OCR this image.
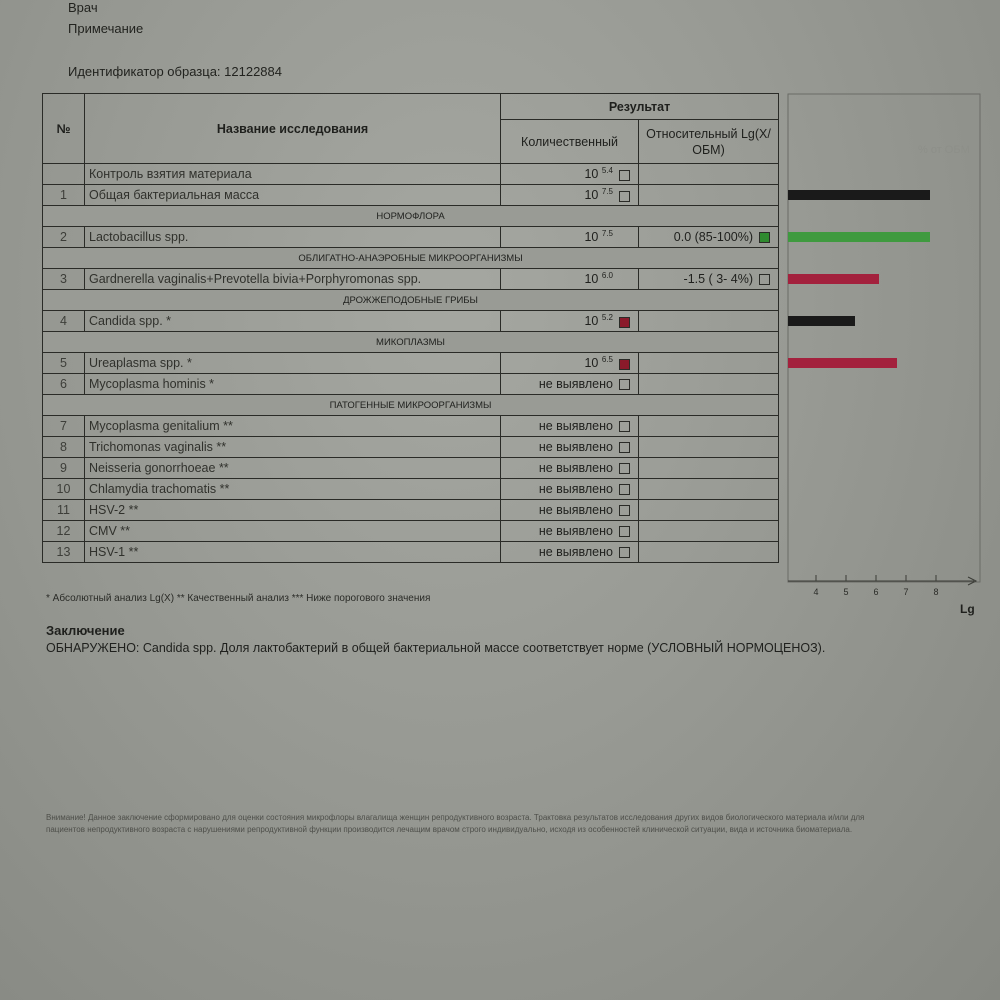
Врач
Примечание
Идентификатор образца: 12122884
№	Название исследования	Результат	
		Количественный	Относительный Lg(X/ОБМ)
	Контроль взятия материала	10 $^{5.4}$	
1	Общая бактериальная масса	10 $^{7.5}$	
НОРМОФЛОРА			
2	Lactobacillus spp.	10 $^{7.5}$	0.0 (85-100%)
ОБЛИГАТНО-АНАЭРОБНЫЕ МИКРООРГАНИЗМЫ			
3	Gardnerella vaginalis+Prevotella bivia+Porphyromonas spp.	10 $^{6.0}$	-1.5 ( 3- 4%)
ДРОЖЖЕПОДОБНЫЕ ГРИБЫ			
4	Candida spp. *	10 $^{5.2}$	
МИКОПЛАЗМЫ			
5	Ureaplasma spp. *	10 $^{6.5}$	
6	Mycoplasma hominis *	не выявлено	
ПАТОГЕННЫЕ МИКРООРГАНИЗМЫ			
7	Mycoplasma genitalium **	не выявлено	
8	Trichomonas vaginalis **	не выявлено	
9	Neisseria gonorrhoeae **	не выявлено	
10	Chlamydia trachomatis **	не выявлено	
11	HSV-2 **	не выявлено	
12	CMV **	не выявлено	
13	HSV-1 **	не выявлено	
% от ОБМ
4	5	6	7	8
Lg
* Абсолютный анализ Lg(X) ** Качественный анализ *** Ниже порогового значения
Заключение
ОБНАРУЖЕНО: Candida spp. Доля лактобактерий в общей бактериальной массе соответствует норме (УСЛОВНЫЙ НОРМОЦЕНОЗ).
Внимание! Данное заключение сформировано для оценки состояния микрофлоры влагалища женщин репродуктивного возраста. Трактовка результатов исследования других видов биологического материала и/или для пациентов непродуктивного возраста с нарушениями репродуктивной функции производится лечащим врачом строго индивидуально, исходя из особенностей клинической ситуации, вида и источника биоматериала.
